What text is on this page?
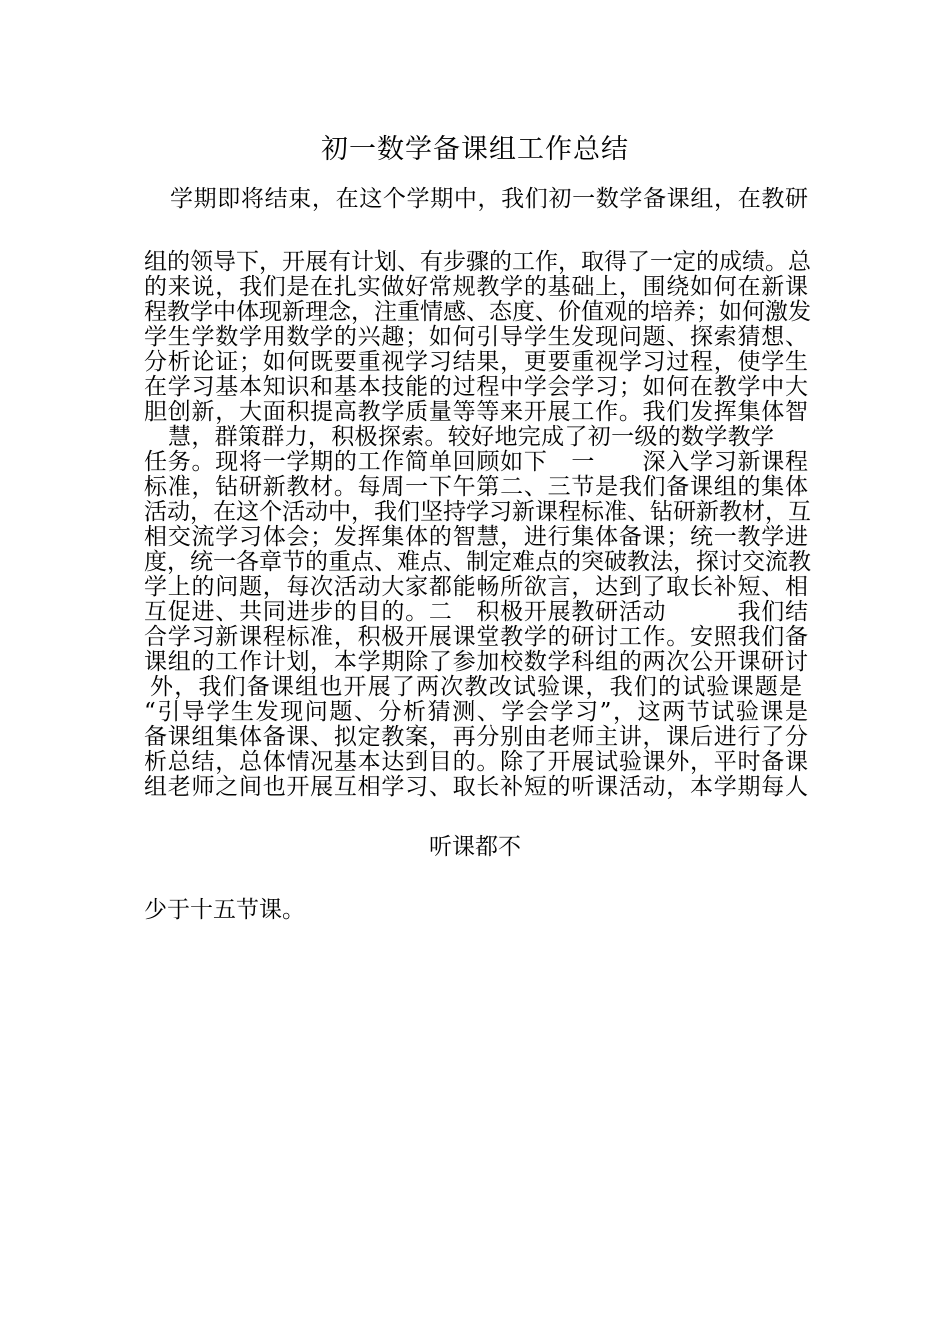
初一数学备课组工作总结
学期即将结束，在这个学期中，我们初一数学备课组，在教研
组的领导下，开展有计划、有步骤的工作，取得了一定的成绩。总
的来说，我们是在扎实做好常规教学的基础上，围绕如何在新课
程教学中体现新理念，注重情感、态度、价值观的培养；如何激发
学生学数学用数学的兴趣；如何引导学生发现问题、探索猜想、
分析论证；如何既要重视学习结果，更要重视学习过程，使学生
在学习基本知识和基本技能的过程中学会学习；如何在教学中大
胆创新，大面积提高教学质量等等来开展工作。我们发挥集体智
慧，群策群力，积极探索。较好地完成了初一级的数学教学
任务。现将一学期的工作简单回顾如下　一　　深入学习新课程
标准，钻研新教材。每周一下午第二、三节是我们备课组的集体
活动，在这个活动中，我们坚持学习新课程标准、钻研新教材，互
相交流学习体会；发挥集体的智慧，进行集体备课；统一教学进
度，统一各章节的重点、难点、制定难点的突破教法，探讨交流教
学上的问题，每次活动大家都能畅所欲言，达到了取长补短、相
互促进、共同进步的目的。二　积极开展教研活动　　　我们结
合学习新课程标准，积极开展课堂教学的研讨工作。安照我们备
课组的工作计划，本学期除了参加校数学科组的两次公开课研讨
外，我们备课组也开展了两次教改试验课，我们的试验课题是
“引导学生发现问题、分析猜测、学会学习”，这两节试验课是
备课组集体备课、拟定教案，再分别由老师主讲，课后进行了分
析总结，总体情况基本达到目的。除了开展试验课外，平时备课
组老师之间也开展互相学习、取长补短的听课活动，本学期每人
听课都不
少于十五节课。
